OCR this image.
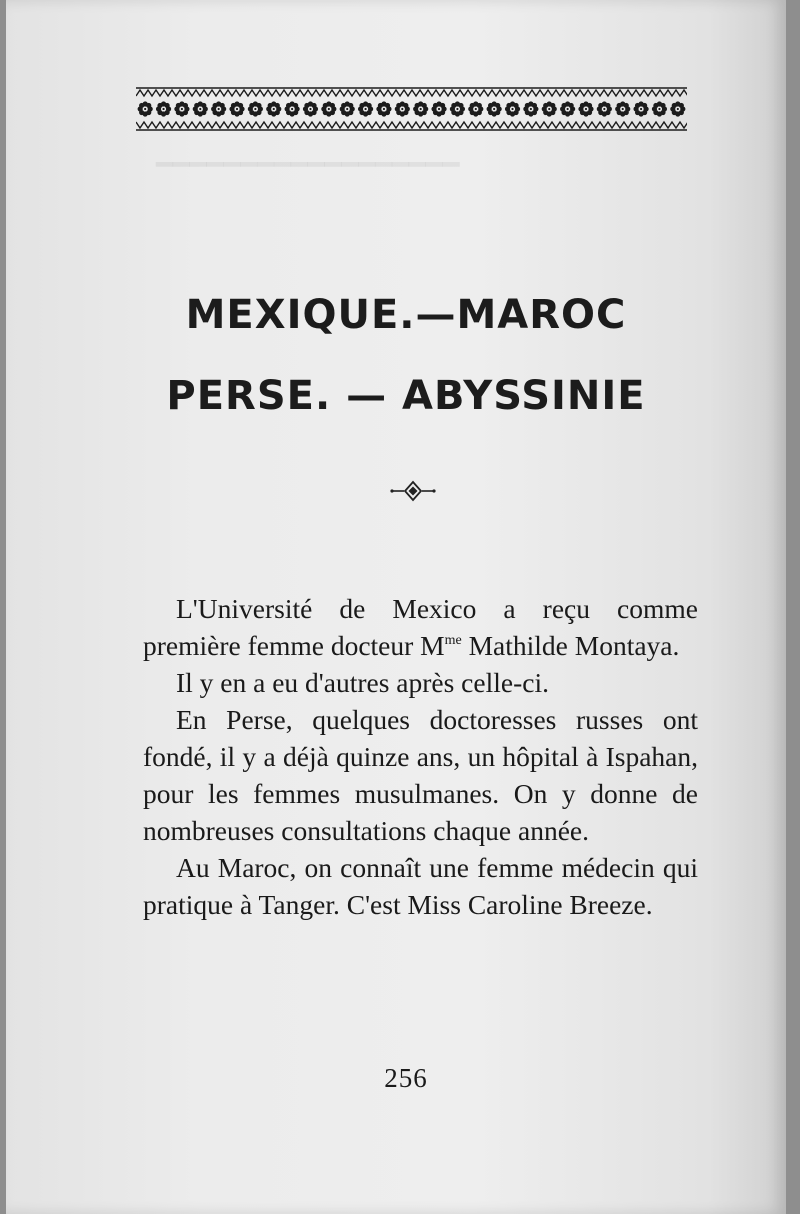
━━━━━━━━━━━━━━━━━━
MEXIQUE.—MAROC
PERSE. — ABYSSINIE

L'Université de Mexico a reçu comme première femme docteur $M^{me}$ Mathilde Montaya.

Il y en a eu d'autres après celle-ci.

En Perse, quelques doctoresses russes ont fondé, il y a déjà quinze ans, un hôpital à Ispahan, pour les femmes musulmanes. On y donne de nombreuses consultations chaque année.

Au Maroc, on connaît une femme médecin qui pratique à Tanger. C'est Miss Caroline Breeze.

256
